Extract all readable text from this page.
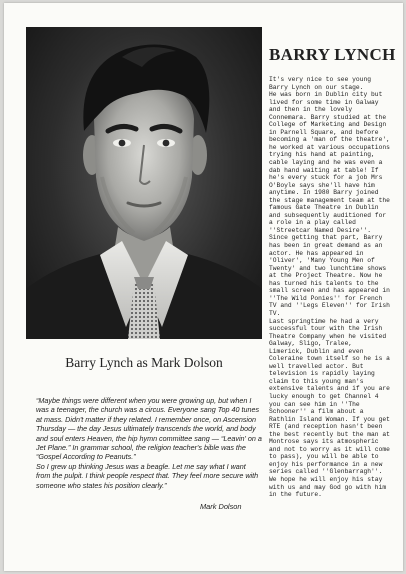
BARRY LYNCH

It's very nice to see young
Barry Lynch on our stage.
He was born in Dublin city but
lived for some time in Galway
and then in the lovely
Connemara. Barry studied at the
College of Marketing and Design
in Parnell Square, and before
becoming a 'man of the theatre',
he worked at various occupations
trying his hand at painting,
cable laying and he was even a
dab hand waiting at table! If
he's every stuck for a job Mrs
O'Boyle says she'll have him
anytime. In 1980 Barry joined
the stage management team at the
famous Gate Theatre in Dublin
and subsequently auditioned for
a role in a play called
''Streetcar Named Desire''.
Since getting that part, Barry
has been in great demand as an
actor. He has appeared in
'Oliver', 'Many Young Men of
Twenty' and two lunchtime shows
at the Project Theatre. Now he
has turned his talents to the
small screen and has appeared in
''The Wild Ponies'' for French
TV and ''Legs Eleven'' for Irish
TV.

Last springtime he had a very
successful tour with the Irish
Theatre Company when he visited
Galway, Sligo, Tralee,
Limerick, Dublin and even
Coleraine town itself so he is a
well travelled actor. But
television is rapidly laying
claim to this young man's
extensive talents and if you are
lucky enough to get Channel 4
you can see him in ''The
Schooner'' a film about a
Rathlin Island Woman. If you get
RTE (and reception hasn't been
the best recently but the man at
Montrose says its atmospheric
and not to worry as it will come
to pass), you will be able to
enjoy his performance in a new
series called ''Glenbarragh''.
We hope he will enjoy his stay
with us and may God go with him
in the future.

Barry Lynch as Mark Dolson

“Maybe things were different when you were growing up, but when I was a teenager, the church was a circus. Everyone sang Top 40 tunes at mass. Didn't matter if they related. I remember once, on Ascension Thursday — the day Jesus ultimately transcends the world, and body and soul enters Heaven, the hip hymn committee sang — “Leavin' on a Jet Plane.” In grammar school, the religion teacher's bible was the “Gospel According to Peanuts.”

So I grew up thinking Jesus was a beagle. Let me say what I want from the pulpit. I think people respect that. They feel more secure with someone who states his position clearly.”

Mark Dolson
